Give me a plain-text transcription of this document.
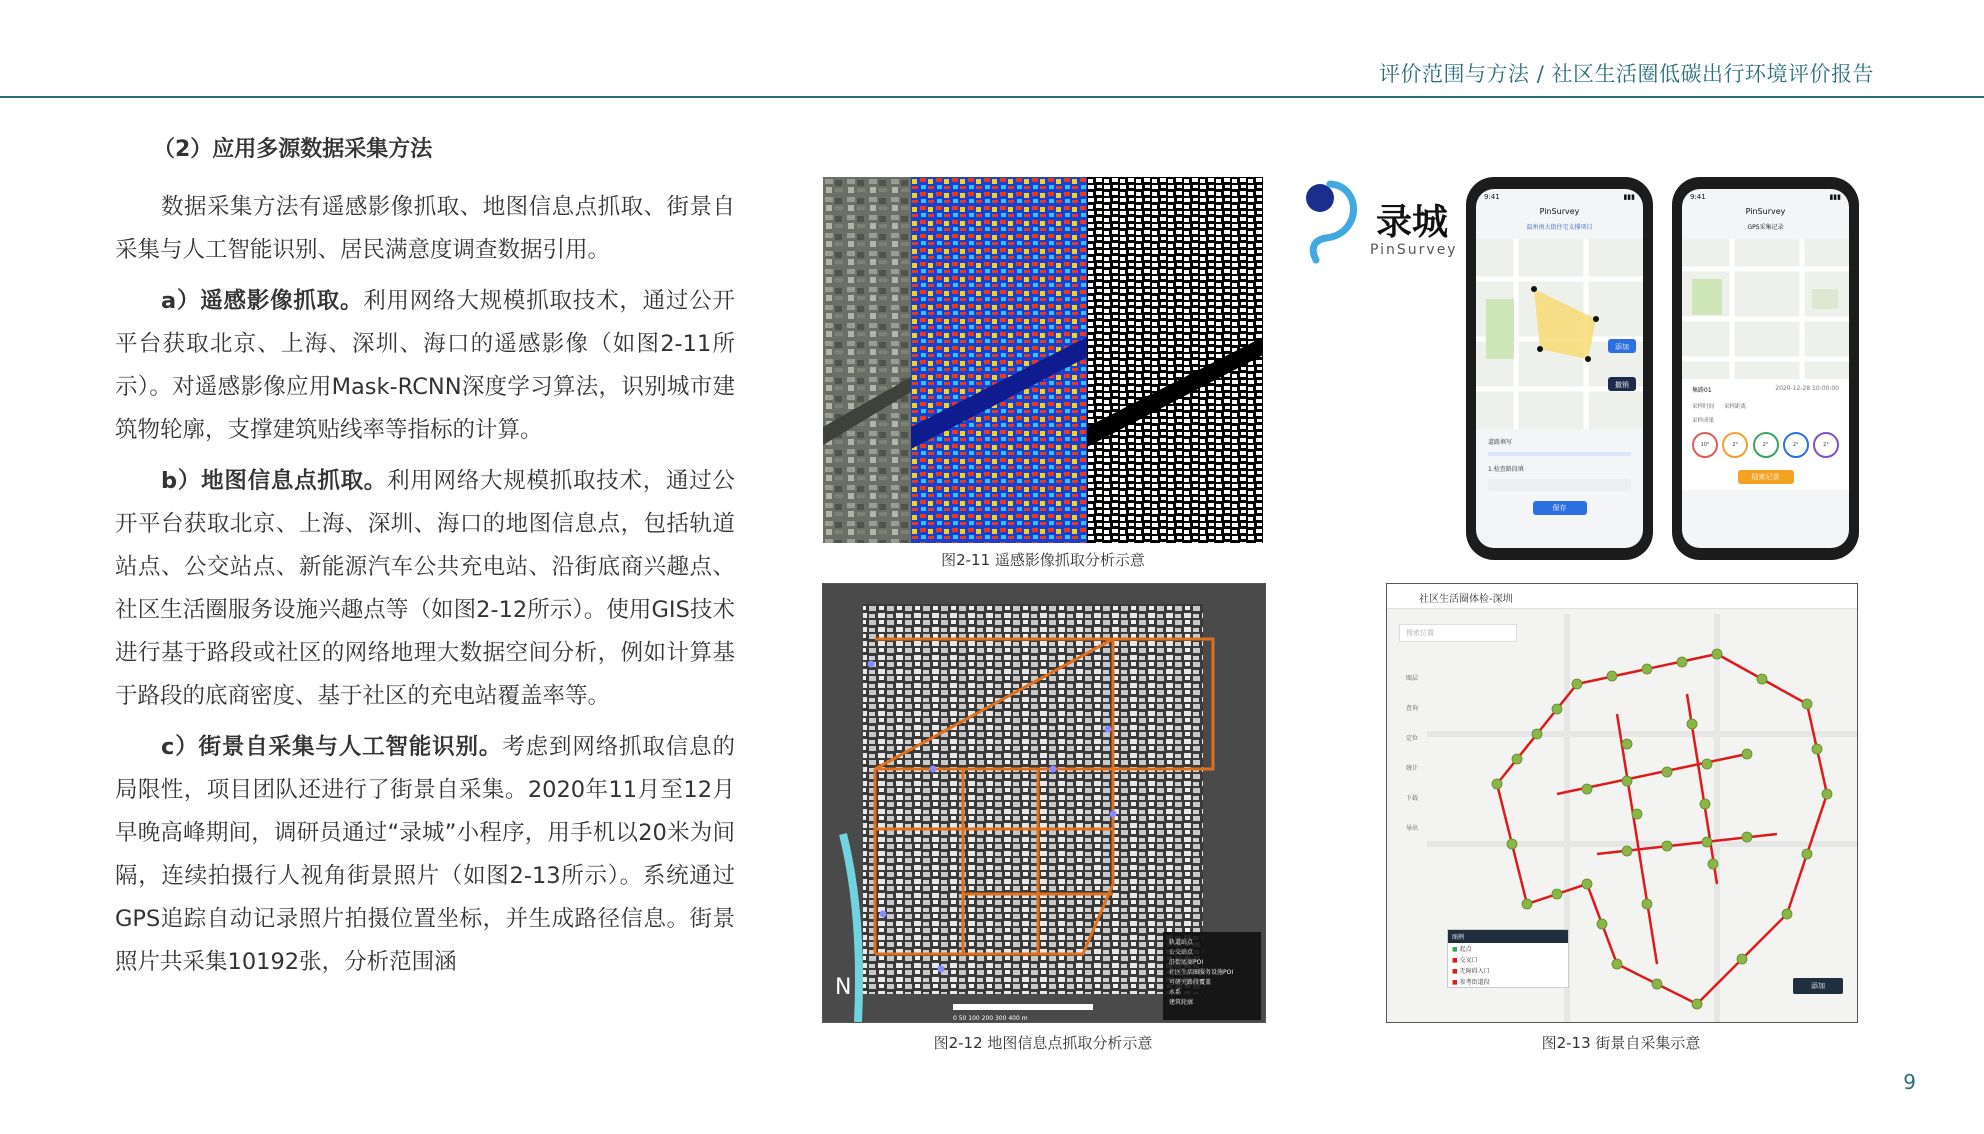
评价范围与方法 / 社区生活圈低碳出行环境评价报告
（2）应用多源数据采集方法

数据采集方法有遥感影像抓取、地图信息点抓取、街景自采集与人工智能识别、居民满意度调查数据引用。

a）遥感影像抓取。利用网络大规模抓取技术，通过公开平台获取北京、上海、深圳、海口的遥感影像（如图2-11所示）。对遥感影像应用Mask-RCNN深度学习算法，识别城市建筑物轮廓，支撑建筑贴线率等指标的计算。

b）地图信息点抓取。利用网络大规模抓取技术，通过公开平台获取北京、上海、深圳、海口的地图信息点，包括轨道站点、公交站点、新能源汽车公共充电站、沿街底商兴趣点、社区生活圈服务设施兴趣点等（如图2-12所示）。使用GIS技术进行基于路段或社区的网络地理大数据空间分析，例如计算基于路段的底商密度、基于社区的充电站覆盖率等。

c）街景自采集与人工智能识别。考虑到网络抓取信息的局限性，项目团队还进行了街景自采集。2020年11月至12月早晚高峰期间，调研员通过“录城”小程序，用手机以20米为间隔，连续拍摄行人视角街景照片（如图2-13所示）。系统通过GPS追踪自动记录照片拍摄位置坐标，并生成路径信息。街景照片共采集10192张，分析范围涵

图2-11 遥感影像抓取分析示意
录城
PinSurvey
9:41	▮▮▮
PinSurvey
温州南大街住宅支撑项目
添加
撤销
道路填写
1.检查路段填
保存
9:41	▮▮▮
PinSurvey
GPS采集记录
集路01	2020-12-28 10:00:00
采样时间 采样距离
采样成果
10°	2°	2°	2°	2°
结束记录
N
0 50 100 200 300 400 m
轨道站点
公交站点
沿街底商POI
社区生活圈服务设施POI
可研究路段覆盖
水系
建筑轮廓
图2-12 地图信息点抓取分析示意
社区生活圈体检-深圳
搜索位置
图层
查询
定位
统计
下载
导出
图例
■ 起点
■ 交叉口
■ 无障碍入口
■ 参考街道段	添加
图2-13 街景自采集示意
9
